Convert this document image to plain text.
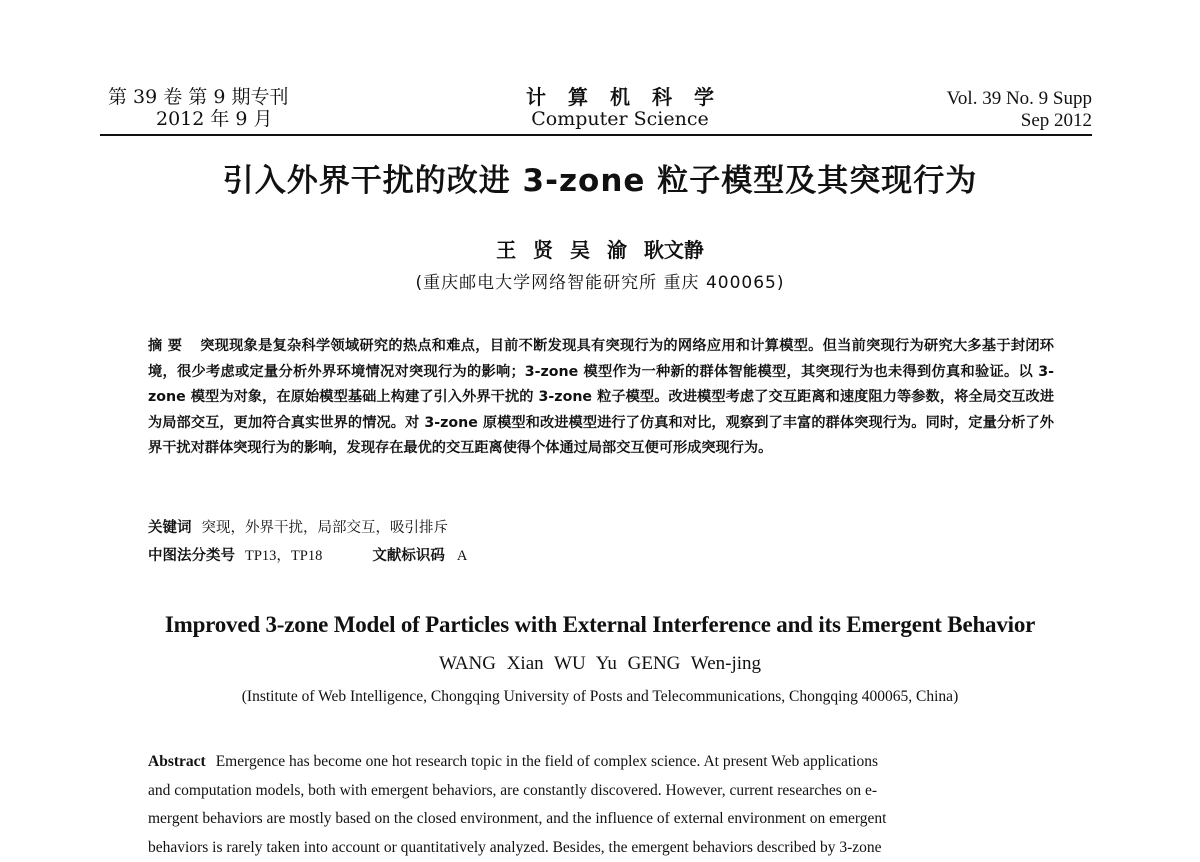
第 39 卷 第 9 期专刊
2012 年 9 月
计算机科学
Computer Science
Vol. 39 No. 9 Supp
Sep 2012
引入外界干扰的改进 3-zone 粒子模型及其突现行为
王 贤 吴 渝 耿文静
(重庆邮电大学网络智能研究所 重庆 400065)
摘 要 突现现象是复杂科学领域研究的热点和难点，目前不断发现具有突现行为的网络应用和计算模型。但当前突现行为研究大多基于封闭环境，很少考虑或定量分析外界环境情况对突现行为的影响；3-zone 模型作为一种新的群体智能模型，其突现行为也未得到仿真和验证。以 3-zone 模型为对象，在原始模型基础上构建了引入外界干扰的 3-zone 粒子模型。改进模型考虑了交互距离和速度阻力等参数，将全局交互改进为局部交互，更加符合真实世界的情况。对 3-zone 原模型和改进模型进行了仿真和对比，观察到了丰富的群体突现行为。同时，定量分析了外界干扰对群体突现行为的影响，发现存在最优的交互距离使得个体通过局部交互便可形成突现行为。
关键词 突现，外界干扰，局部交互，吸引排斥
中图法分类号 TP13，TP18	文献标识码 A
Improved 3-zone Model of Particles with External Interference and its Emergent Behavior
WANG Xian WU Yu GENG Wen-jing
(Institute of Web Intelligence, Chongqing University of Posts and Telecommunications, Chongqing 400065, China)
Abstract Emergence has become one hot research topic in the field of complex science. At present Web applications
and computation models, both with emergent behaviors, are constantly discovered. However, current researches on e-
mergent behaviors are mostly based on the closed environment, and the influence of external environment on emergent
behaviors is rarely taken into account or quantitatively analyzed. Besides, the emergent behaviors described by 3-zone
